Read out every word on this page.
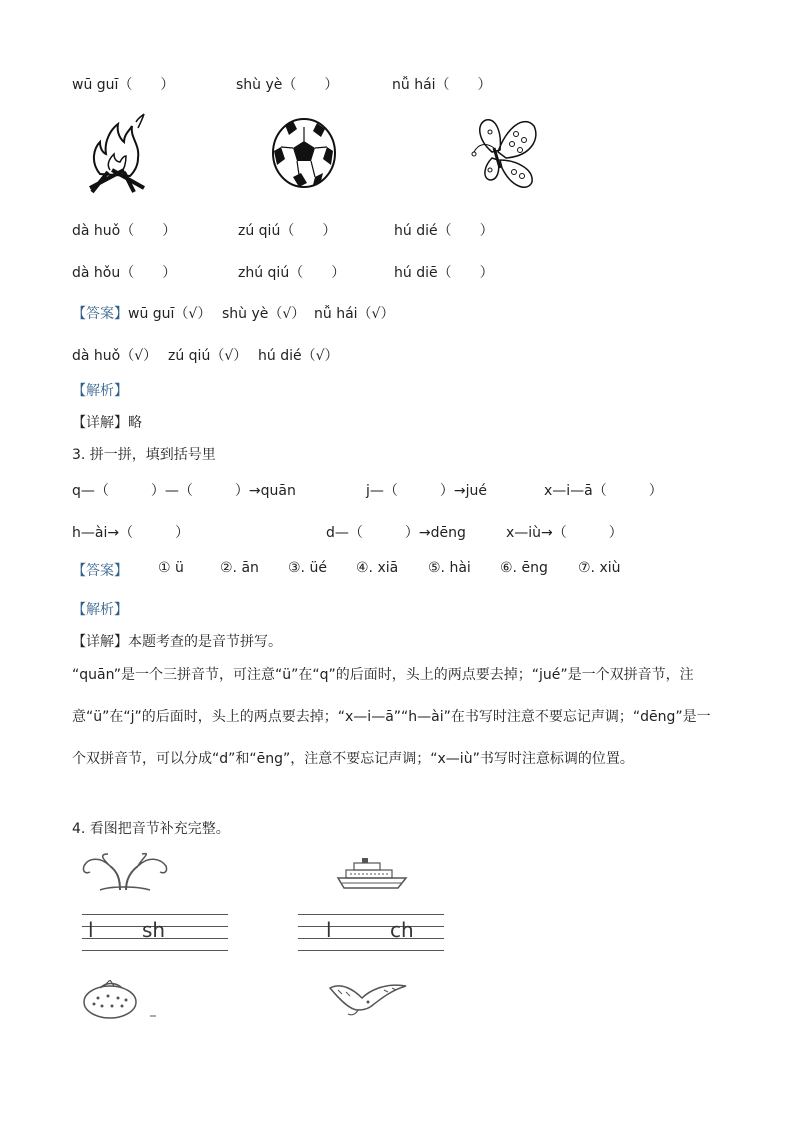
wū guī（　　）	shù yè（　　）	nǚ hái（　　）
dà huǒ（　　）	zú qiú（　　）	hú dié（　　）
dà hǒu（　　）	zhú qiú（　　）	hú diē（　　）
【答案】 wū guī（√） shù yè（√） nǚ hái（√）
dà huǒ（√） zú qiú（√） hú dié（√）
【解析】
【详解】略
3. 拼一拼，填到括号里
q—（　　　）—（　　　）→quān	j—（　　　）→jué	x—i—ā（　　　）
h—ài→（　　　）	d—（　　　）→dēng	x—iù→（　　　）
【答案】 ① ü	②. ān ③. üé ④. xiā ⑤. hài ⑥. ēng ⑦. xiù
【解析】
【详解】本题考查的是音节拼写。
“quān”是一个三拼音节，可注意“ü”在“q”的后面时，头上的两点要去掉；“jué”是一个双拼音节，注意“ü”在“j”的后面时，头上的两点要去掉；“x—i—ā”“h—ài”在书写时注意不要忘记声调；“dēng”是一个双拼音节，可以分成“d”和“ēng”，注意不要忘记声调；“x—iù”书写时注意标调的位置。
4. 看图把音节补充完整。
l sh	l	ch
